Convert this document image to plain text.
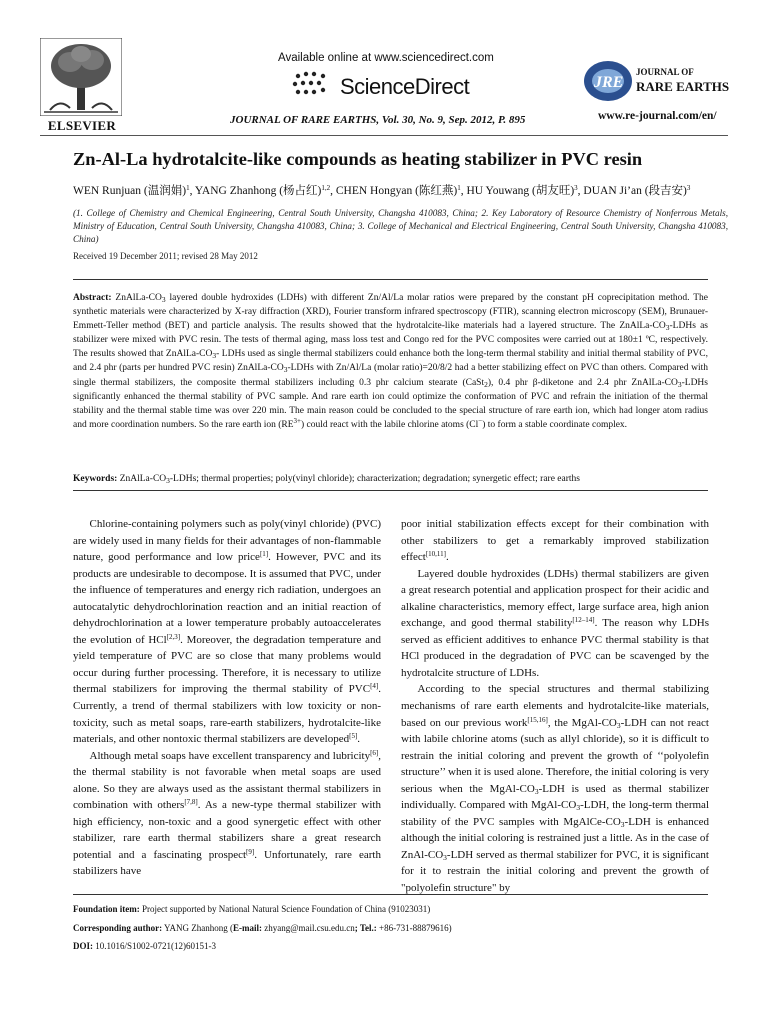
ELSEVIER
Available online at www.sciencedirect.com
ScienceDirect
JOURNAL OF RARE EARTHS, Vol. 30, No. 9, Sep. 2012, P. 895
JRE
JOURNAL OF
RARE EARTHS
www.re-journal.com/en/
Zn-Al-La hydrotalcite-like compounds as heating stabilizer in PVC resin
WEN Runjuan (温润娟)$^1$, YANG Zhanhong (杨占红)$^{1,2}$, CHEN Hongyan (陈红燕)$^1$, HU Youwang (胡友旺)$^3$, DUAN Ji’an (段吉安)$^3$
(1. College of Chemistry and Chemical Engineering, Central South University, Changsha 410083, China; 2. Key Laboratory of Resource Chemistry of Nonferrous Metals, Ministry of Education, Central South University, Changsha 410083, China; 3. College of Mechanical and Electrical Engineering, Central South University, Changsha 410083, China)
Received 19 December 2011; revised 28 May 2012
Abstract: ZnAlLa-$CO_3$ layered double hydroxides (LDHs) with different Zn/Al/La molar ratios were prepared by the constant pH coprecipitation method. The synthetic materials were characterized by X-ray diffraction (XRD), Fourier transform infrared spectroscopy (FTIR), scanning electron microscopy (SEM), Brunauer-Emmett-Teller method (BET) and particle analysis. The results showed that the hydrotalcite-like materials had a layered structure. The ZnAlLa-$CO_3$-LDHs as stabilizer were mixed with PVC resin. The tests of thermal aging, mass loss test and Congo red for the PVC composites were carried out at 180±1 ºC, respectively. The results showed that ZnAlLa-$CO_3-$ LDHs used as single thermal stabilizers could enhance both the long-term thermal stability and initial thermal stability of PVC, and 2.4 phr (parts per hundred PVC resin) ZnAlLa-$CO_3$-LDHs with Zn/Al/La (molar ratio)=20/8/2 had a better stabilizing effect on PVC than others. Compared with single thermal stabilizers, the composite thermal stabilizers including 0.3 phr calcium stearate (CaSt$_2$), 0.4 phr β-diketone and 2.4 phr ZnAlLa-$CO_3$-LDHs significantly enhanced the thermal stability of PVC sample. And rare earth ion could optimize the conformation of PVC and refrain the initiation of the thermal stability and the thermal stable time was over 220 min. The main reason could be concluded to the special structure of rare earth ion, which had longer atom radius and more coordination numbers. So the rare earth ion $(RE^{3+})$ could react with the labile chlorine atoms (Cl−) to form a stable coordinate complex.
Keywords: ZnAlLa-$CO_3$-LDHs; thermal properties; poly(vinyl chloride); characterization; degradation; synergetic effect; rare earths

Chlorine-containing polymers such as poly(vinyl chloride) (PVC) are widely used in many fields for their advantages of non-flammable nature, good performance and low price[1]. However, PVC and its products are undesirable to decompose. It is assumed that PVC, under the influence of temperatures and energy rich radiation, undergoes an autocatalytic dehydrochlorination reaction and an initial reaction of dehydrochlorination at a lower temperature probably autoaccelerates the evolution of HCl[2,3]. Moreover, the degradation temperature and yield temperature of PVC are so close that many problems would occur during further processing. Therefore, it is necessary to utilize thermal stabilizers for improving the thermal stability of PVC[4]. Currently, a trend of thermal stabilizers with low toxicity or non-toxicity, such as metal soaps, rare-earth stabilizers, hydrotalcite-like materials, and other nontoxic thermal stabilizers are developed[5].

Although metal soaps have excellent transparency and lubricity[6], the thermal stability is not favorable when metal soaps are used alone. So they are always used as the assistant thermal stabilizers in combination with others[7,8]. As a new-type thermal stabilizer with high efficiency, non-toxic and a good synergetic effect with other stabilizer, rare earth thermal stabilizers share a great research potential and a fascinating prospect[9]. Unfortunately, rare earth stabilizers have

poor initial stabilization effects except for their combination with other stabilizers to get a remarkably improved stabilization effect[10,11].

Layered double hydroxides (LDHs) thermal stabilizers are given a great research potential and application prospect for their acidic and alkaline characteristics, memory effect, large surface area, high anion exchange, and good thermal stability[12–14]. The reason why LDHs served as efficient additives to enhance PVC thermal stability is that HCl produced in the degradation of PVC can be scavenged by the hydrotalcite structure of LDHs.

According to the special structures and thermal stabilizing mechanisms of rare earth elements and hydrotalcite-like materials, based on our previous work[15,16], the MgAl-$CO_3$-LDH can not react with labile chlorine atoms (such as allyl chloride), so it is difficult to restrain the initial coloring and prevent the growth of ‘‘polyolefin structure’’ when it is used alone. Therefore, the initial coloring is very serious when the MgAl-$CO_3$-LDH is used as thermal stabilizer individually. Compared with MgAl-$CO_3$-LDH, the long-term thermal stability of the PVC samples with MgAlCe-$CO_3$-LDH is enhanced although the initial coloring is restrained just a little. As in the case of ZnAl-$CO_3$-LDH served as thermal stabilizer for PVC, it is significant for it to restrain the initial coloring and prevent the growth of "polyolefin structure" by

Foundation item: Project supported by National Natural Science Foundation of China (91023031)
Corresponding author: YANG Zhanhong (E-mail: zhyang@mail.csu.edu.cn; Tel.: +86-731-88879616)
DOI: 10.1016/S1002-0721(12)60151-3
